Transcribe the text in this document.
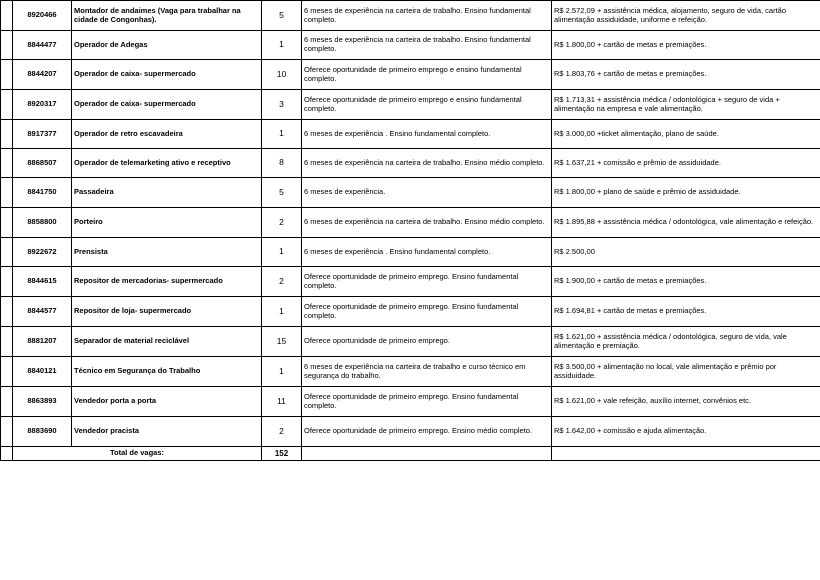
	8920466	Montador de andaimes (Vaga para trabalhar na cidade de Congonhas).	5	6 meses de experiência na carteira de trabalho. Ensino fundamental completo.	R$ 2.572,09 + assistência médica, alojamento, seguro de vida, cartão alimentação assiduidade, uniforme e refeição.
	8844477	Operador de Adegas	1	6 meses de experiência na carteira de trabalho. Ensino fundamental completo.	R$ 1.800,00 + cartão de metas e premiações.
	8844207	Operador de caixa- supermercado	10	Oferece oportunidade de primeiro emprego e ensino fundamental completo.	R$ 1.803,76 + cartão de metas e premiações.
	8920317	Operador de caixa- supermercado	3	Oferece oportunidade de primeiro emprego e ensino fundamental completo.	R$ 1.713,31 + assistência médica / odontológica + seguro de vida + alimentação na empresa e vale alimentação.
	8917377	Operador de retro escavadeira	1	6 meses de experiência . Ensino fundamental completo.	R$ 3.000,00 +ticket alimentação, plano de saúde.
	8868507	Operador de telemarketing ativo e receptivo	8	6 meses de experiência na carteira de trabalho. Ensino médio completo.	R$ 1.637,21 + comissão e prêmio de assiduidade.
	8841750	Passadeira	5	6 meses de experiência.	R$ 1.800,00 + plano de saúde e prêmio de assiduidade.
	8858800	Porteiro	2	6 meses de experiência na carteira de trabalho. Ensino médio completo.	R$ 1.895,88 + assistência médica / odontológica, vale alimentação e refeição.
	8922672	Prensista	1	6 meses de experiência . Ensino fundamental completo.	R$ 2.500,00
	8844615	Repositor de mercadorias- supermercado	2	Oferece oportunidade de primeiro emprego. Ensino fundamental completo.	R$ 1.900,00 + cartão de metas e premiações.
	8844577	Repositor de loja- supermercado	1	Oferece oportunidade de primeiro emprego. Ensino fundamental completo.	R$ 1.694,81 + cartão de metas e premiações.
	8881207	Separador de material reciclável	15	Oferece oportunidade de primeiro emprego.	R$ 1.621,00 + assistência médica / odontológica, seguro de vida, vale alimentação e premiação.
	8840121	Técnico em Segurança do Trabalho	1	6 meses de experiência na carteira de trabalho e curso técnico em segurança do trabalho.	R$ 3.500,00 + alimentação no local, vale alimentação e prêmio por assiduidade.
	8863893	Vendedor porta a porta	11	Oferece oportunidade de primeiro emprego. Ensino fundamental completo.	R$ 1.621,00 + vale refeição, auxílio internet, convênios etc.
	8883690	Vendedor pracista	2	Oferece oportunidade de primeiro emprego. Ensino médio completo.	R$ 1.642,00 + comissão e ajuda alimentação.
	Total de vagas:		152		
